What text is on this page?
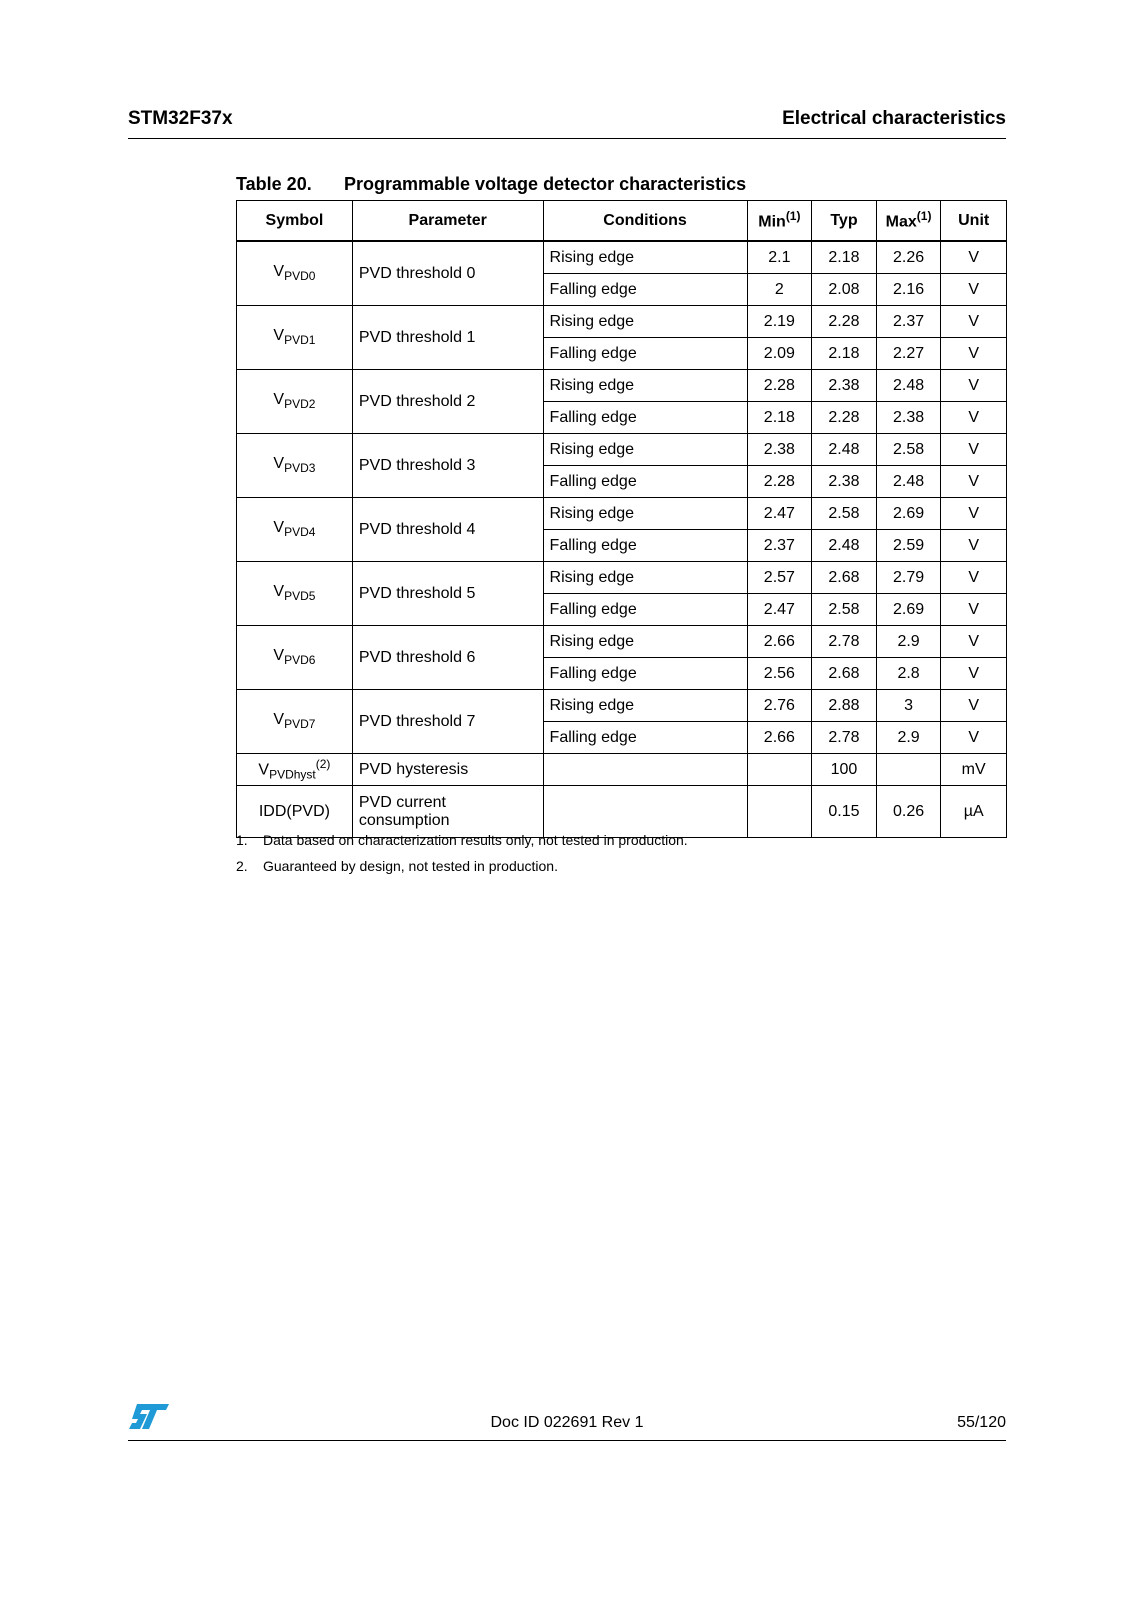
STM32F37x	Electrical characteristics
Table 20. Programmable voltage detector characteristics
Symbol	Parameter	Conditions	Min$^{(1)}$	Typ	Max$^{(1)}$	Unit
$V_{PVD0}$	PVD threshold 0	Rising edge	2.1	2.18	2.26	V
		Falling edge	2	2.08	2.16	V
$V_{PVD1}$	PVD threshold 1	Rising edge	2.19	2.28	2.37	V
		Falling edge	2.09	2.18	2.27	V
$V_{PVD2}$	PVD threshold 2	Rising edge	2.28	2.38	2.48	V
		Falling edge	2.18	2.28	2.38	V
$V_{PVD3}$	PVD threshold 3	Rising edge	2.38	2.48	2.58	V
		Falling edge	2.28	2.38	2.48	V
$V_{PVD4}$	PVD threshold 4	Rising edge	2.47	2.58	2.69	V
		Falling edge	2.37	2.48	2.59	V
$V_{PVD5}$	PVD threshold 5	Rising edge	2.57	2.68	2.79	V
		Falling edge	2.47	2.58	2.69	V
$V_{PVD6}$	PVD threshold 6	Rising edge	2.66	2.78	2.9	V
		Falling edge	2.56	2.68	2.8	V
$V_{PVD7}$	PVD threshold 7	Rising edge	2.76	2.88	3	V
		Falling edge	2.66	2.78	2.9	V
$V_{PVDhyst}^{(2)}$	PVD hysteresis			100		mV
IDD(PVD)	PVD current consumption			0.15	0.26	µA
1. Data based on characterization results only, not tested in production.
2. Guaranteed by design, not tested in production.
Doc ID 022691 Rev 1	55/120
